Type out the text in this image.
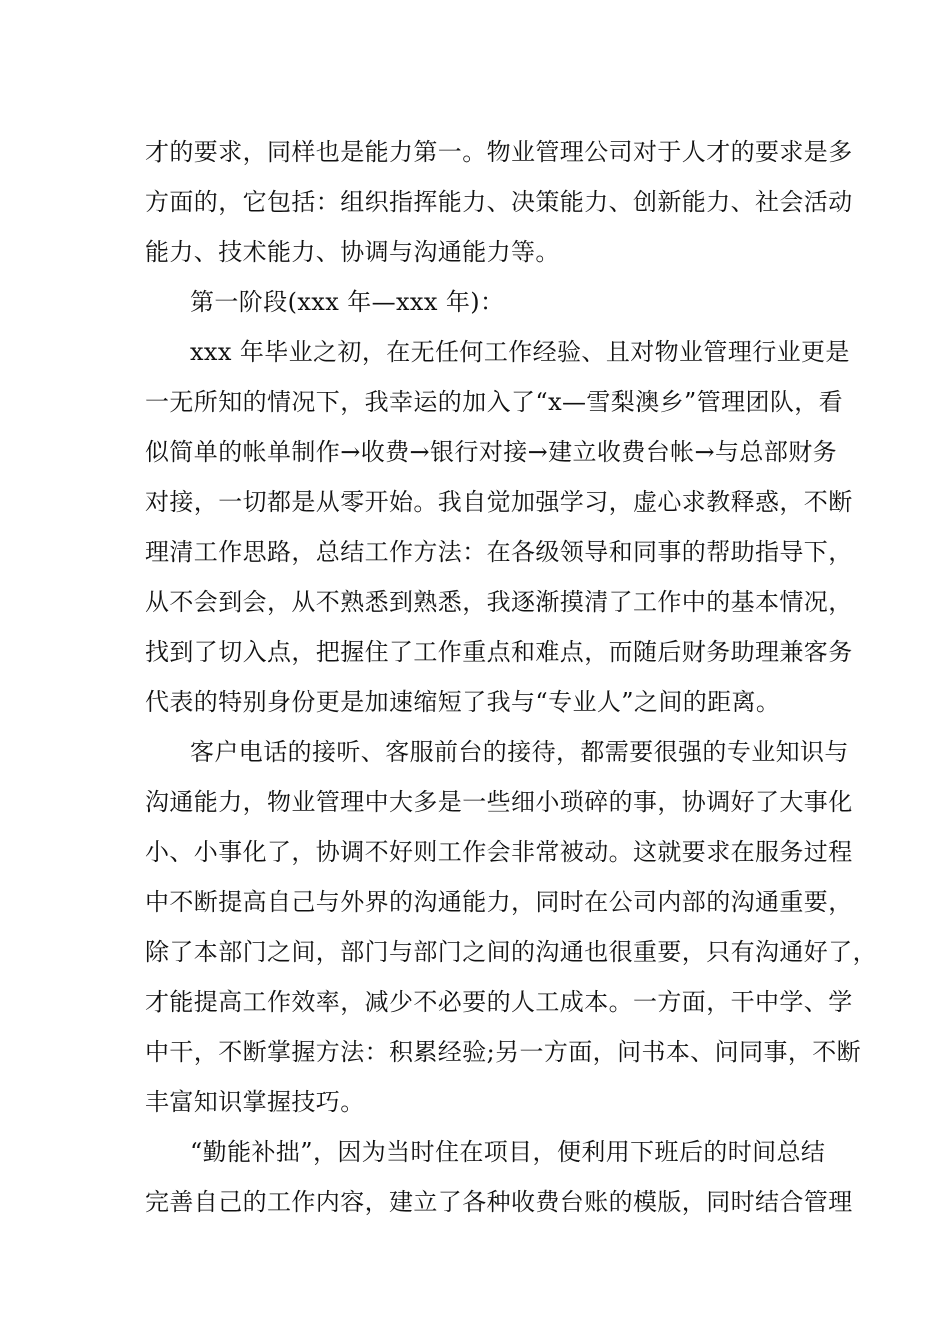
才的要求，同样也是能力第一。物业管理公司对于人才的要求是多
方面的，它包括：组织指挥能力、决策能力、创新能力、社会活动
能力、技术能力、协调与沟通能力等。
第一阶段(xxx 年—xxx 年)：
xxx 年毕业之初，在无任何工作经验、且对物业管理行业更是
一无所知的情况下，我幸运的加入了“x—雪梨澳乡”管理团队，看
似简单的帐单制作→收费→银行对接→建立收费台帐→与总部财务
对接，一切都是从零开始。我自觉加强学习，虚心求教释惑，不断
理清工作思路，总结工作方法：在各级领导和同事的帮助指导下，
从不会到会，从不熟悉到熟悉，我逐渐摸清了工作中的基本情况，
找到了切入点，把握住了工作重点和难点，而随后财务助理兼客务
代表的特别身份更是加速缩短了我与“专业人”之间的距离。
客户电话的接听、客服前台的接待，都需要很强的专业知识与
沟通能力，物业管理中大多是一些细小琐碎的事，协调好了大事化
小、小事化了，协调不好则工作会非常被动。这就要求在服务过程
中不断提高自己与外界的沟通能力，同时在公司内部的沟通重要，
除了本部门之间，部门与部门之间的沟通也很重要，只有沟通好了，
才能提高工作效率，减少不必要的人工成本。一方面，干中学、学
中干，不断掌握方法：积累经验;另一方面，问书本、问同事，不断
丰富知识掌握技巧。
“勤能补拙”，因为当时住在项目，便利用下班后的时间总结
完善自己的工作内容，建立了各种收费台账的模版，同时结合管理
